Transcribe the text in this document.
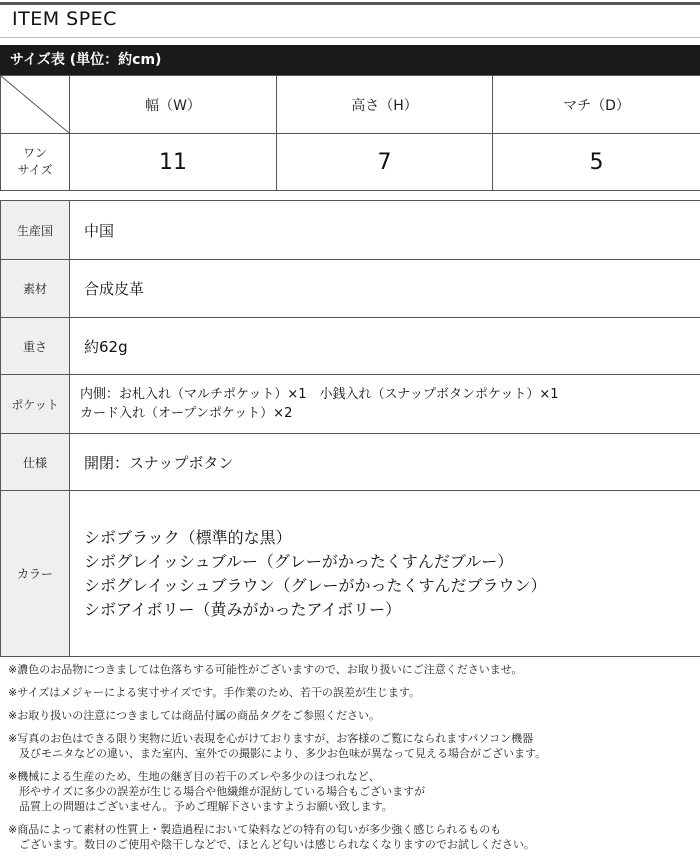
ITEM SPEC
サイズ表 (単位：約cm)
	幅（W）	高さ（H）	マチ（D）
ワン
サイズ	11	7	5
生産国	中国
素材	合成皮革
重さ	約62g
ポケット	内側：お札入れ（マルチポケット）×1　小銭入れ（スナップボタンポケット）×1
カード入れ（オープンポケット）×2

仕様	開閉：スナップボタン
カラー	シボブラック（標準的な黒）
シボグレイッシュブルー（グレーがかったくすんだブルー）
シボグレイッシュブラウン（グレーがかったくすんだブラウン）
シボアイボリー（黄みがかったアイボリー）
※濃色のお品物につきましては色落ちする可能性がございますので、お取り扱いにご注意くださいませ。
※サイズはメジャーによる実寸サイズです。手作業のため、若干の誤差が生じます。
※お取り扱いの注意につきましては商品付属の商品タグをご参照ください。
※写真のお色はできる限り実物に近い表現を心がけておりますが、お客様のご覧になられますパソコン機器
　及びモニタなどの違い、また室内、室外での撮影により、多少お色味が異なって見える場合がございます。
※機械による生産のため、生地の継ぎ目の若干のズレや多少のほつれなど、
　形やサイズに多少の誤差が生じる場合や他繊維が混紡している場合もございますが
　品質上の問題はございません。予めご理解下さいますようお願い致します。
※商品によって素材の性質上・製造過程において染料などの特有の匂いが多少強く感じられるものも
　ございます。数日のご使用や陰干しなどで、ほとんど匂いは感じられなくなりますのでお試しください。
